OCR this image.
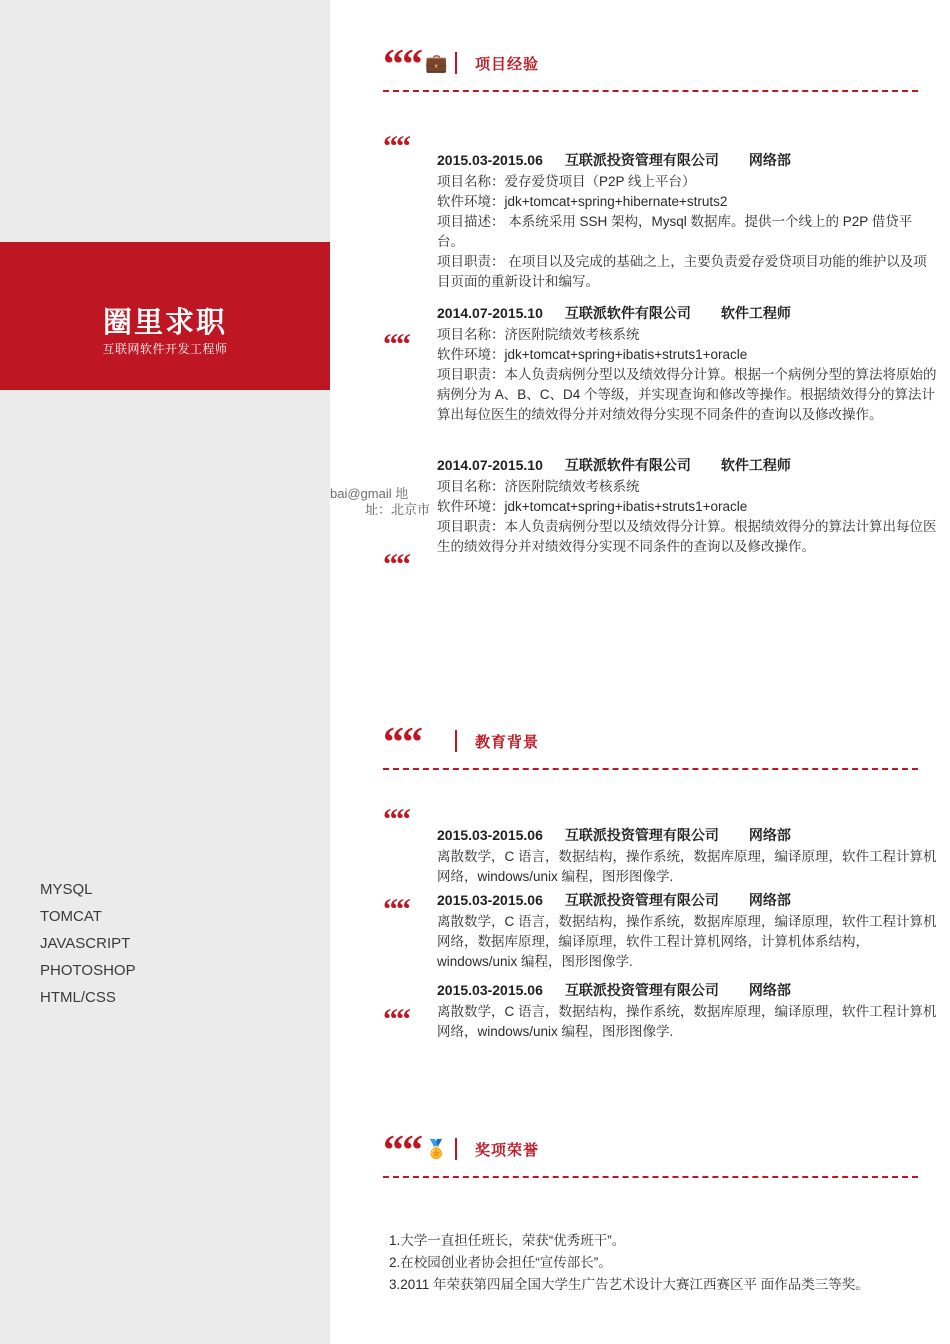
圈里求职
互联网软件开发工程师
MYSQL
TOMCAT
JAVASCRIPT
PHOTOSHOP
HTML/CSS
bai@gmail 地
址：北京市
““ 💼 项目经验
““ 2015.03-2015.06 互联派投资管理有限公司 网络部

项目名称：爱存爱贷项目（P2P 线上平台）

软件环境：jdk+tomcat+spring+hibernate+struts2

项目描述： 本系统采用 SSH 架构，Mysql 数据库。提供一个线上的 P2P 借贷平台。

项目职责： 在项目以及完成的基础之上，主要负责爱存爱贷项目功能的维护以及项目页面的重新设计和编写。

““
2014.07-2015.10 互联派软件有限公司 软件工程师

项目名称：济医附院绩效考核系统

软件环境：jdk+tomcat+spring+ibatis+struts1+oracle

项目职责：本人负责病例分型以及绩效得分计算。根据一个病例分型的算法将原始的病例分为 A、B、C、D4 个等级，并实现查询和修改等操作。根据绩效得分的算法计算出每位医生的绩效得分并对绩效得分实现不同条件的查询以及修改操作。

““
2014.07-2015.10 互联派软件有限公司 软件工程师

项目名称：济医附院绩效考核系统

软件环境：jdk+tomcat+spring+ibatis+struts1+oracle

项目职责：本人负责病例分型以及绩效得分计算。根据绩效得分的算法计算出每位医生的绩效得分并对绩效得分实现不同条件的查询以及修改操作。

““	教育背景
““ 2015.03-2015.06 互联派投资管理有限公司 网络部

离散数学，C 语言，数据结构，操作系统，数据库原理，编译原理，软件工程计算机网络，windows/unix 编程，图形图像学.

““ 2015.03-2015.06 互联派投资管理有限公司 网络部

离散数学，C 语言，数据结构，操作系统，数据库原理，编译原理，软件工程计算机网络，数据库原理，编译原理，软件工程计算机网络，计算机体系结构，windows/unix 编程，图形图像学.

““
2015.03-2015.06 互联派投资管理有限公司 网络部

离散数学，C 语言，数据结构，操作系统，数据库原理，编译原理，软件工程计算机网络，windows/unix 编程，图形图像学.

““ 🏅 奖项荣誉

1.大学一直担任班长，荣获“优秀班干”。

2.在校园创业者协会担任“宣传部长”。

3.2011 年荣获第四届全国大学生广告艺术设计大赛江西赛区平 面作品类三等奖。
